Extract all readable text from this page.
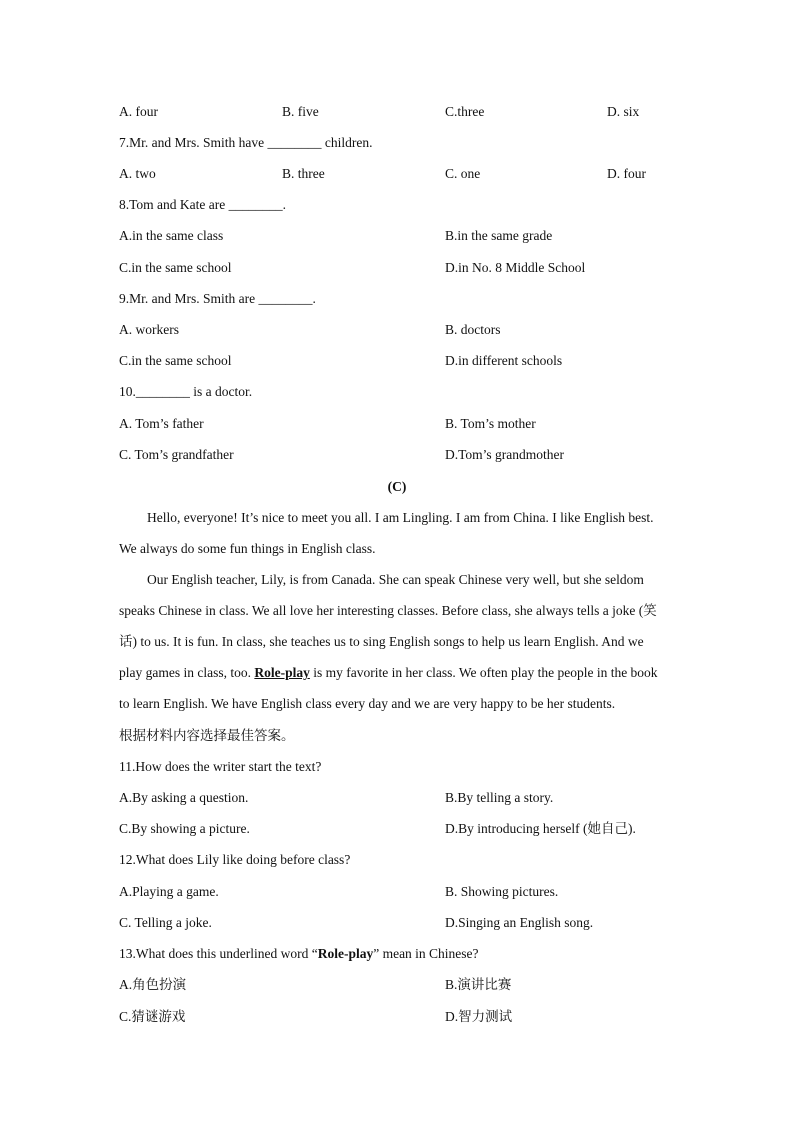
A. four	B. five	C.three	D. six
7.Mr. and Mrs. Smith have ________ children.
A. two	B. three	C. one	D. four
8.Tom and Kate are ________.
A.in the same class	B.in the same grade
C.in the same school	D.in No. 8 Middle School
9.Mr. and Mrs. Smith are ________.
A. workers	B. doctors
C.in the same school	D.in different schools
10.________ is a doctor.
A. Tom’s father	B. Tom’s mother
C. Tom’s grandfather	D.Tom’s grandmother
(C)
Hello, everyone! It’s nice to meet you all. I am Lingling. I am from China. I like English best.
We always do some fun things in English class.
Our English teacher, Lily, is from Canada. She can speak Chinese very well, but she seldom
speaks Chinese in class. We all love her interesting classes. Before class, she always tells a joke (笑
话) to us. It is fun. In class, she teaches us to sing English songs to help us learn English. And we
play games in class, too. Role-play is my favorite in her class. We often play the people in the book
to learn English. We have English class every day and we are very happy to be her students.
根据材料内容选择最佳答案。
11.How does the writer start the text?
A.By asking a question.	B.By telling a story.
C.By showing a picture.	D.By introducing herself (她自己).
12.What does Lily like doing before class?
A.Playing a game.	B. Showing pictures.
C. Telling a joke.	D.Singing an English song.
13.What does this underlined word “Role-play” mean in Chinese?
A.角色扮演	B.演讲比赛
C.猜谜游戏	D.智力测试
